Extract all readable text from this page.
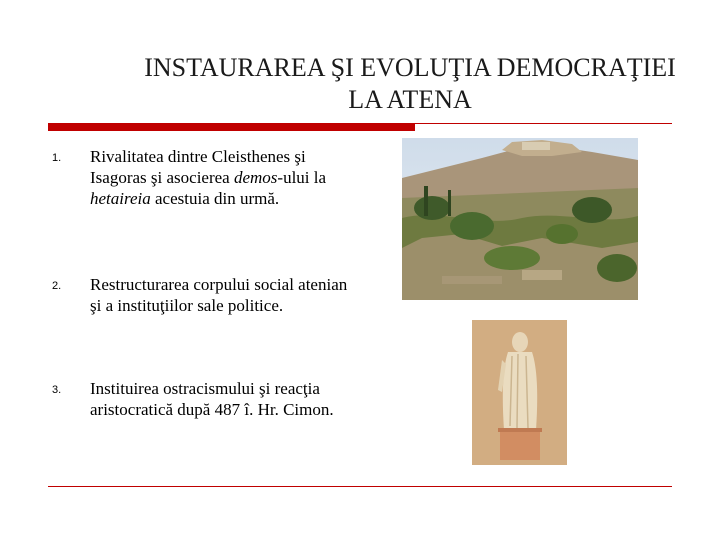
INSTAURAREA ŞI EVOLUŢIA DEMOCRAŢIEI
LA ATENA
1. Rivalitatea dintre Cleisthenes şi Isagoras şi asocierea demos-ului la hetaireia acestuia din urmă.
2. Restructurarea corpului social atenian şi a instituţiilor sale politice.
3. Instituirea ostracismului şi reacţia aristocratică după 487 î. Hr. Cimon.
